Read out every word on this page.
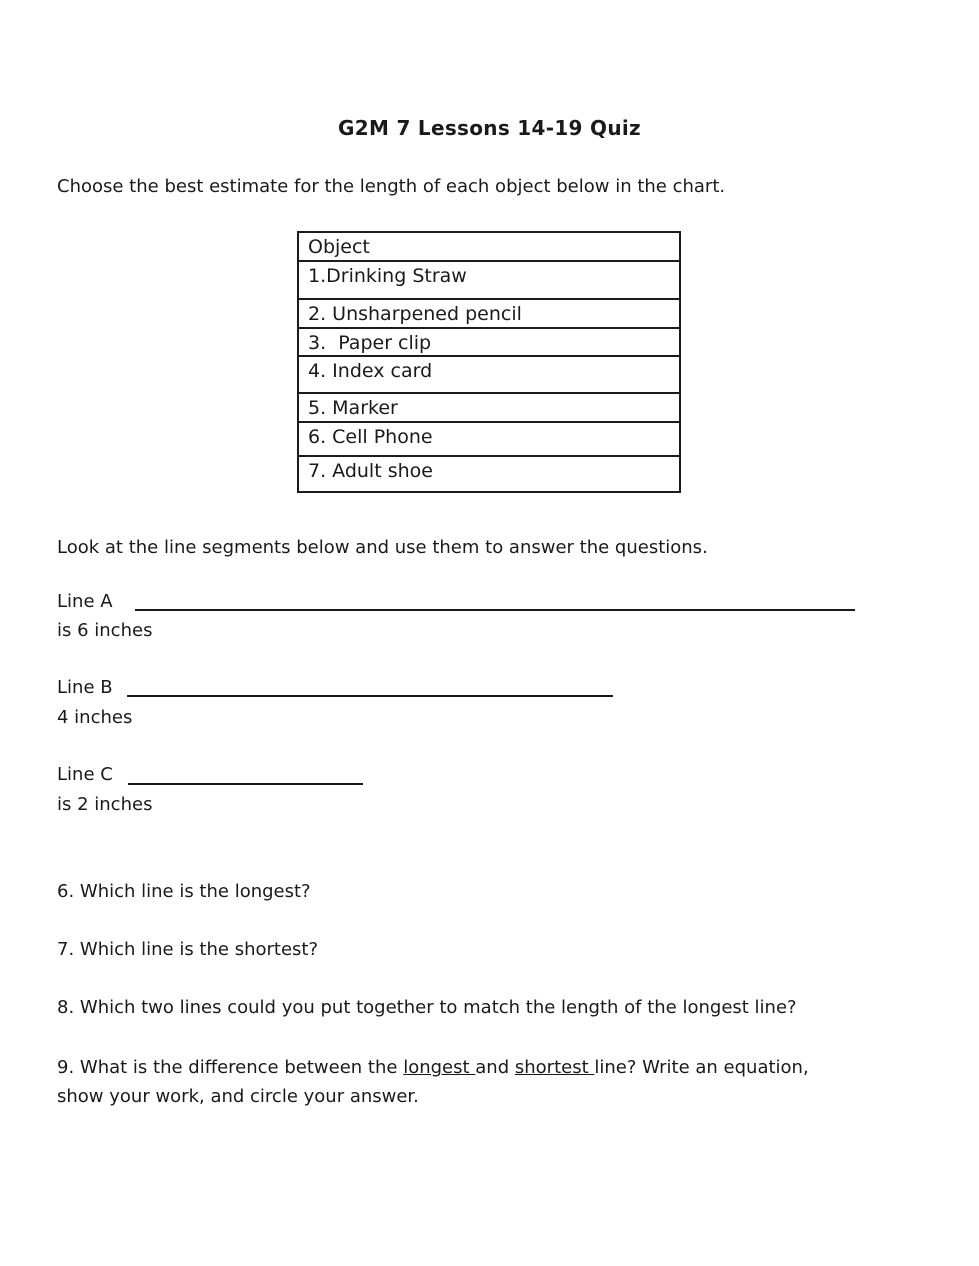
G2M 7 Lessons 14-19 Quiz
Choose the best estimate for the length of each object below in the chart.
Object
1.Drinking Straw
2. Unsharpened pencil
3.  Paper clip
4. Index card
5. Marker
6. Cell Phone
7. Adult shoe
Look at the line segments below and use them to answer the questions.
Line A
is 6 inches
Line B
4 inches
Line C
is 2 inches
6. Which line is the longest?
7. Which line is the shortest?
8. Which two lines could you put together to match the length of the longest line?
9. What is the difference between the longest and shortest line? Write an equation,
show your work, and circle your answer.
